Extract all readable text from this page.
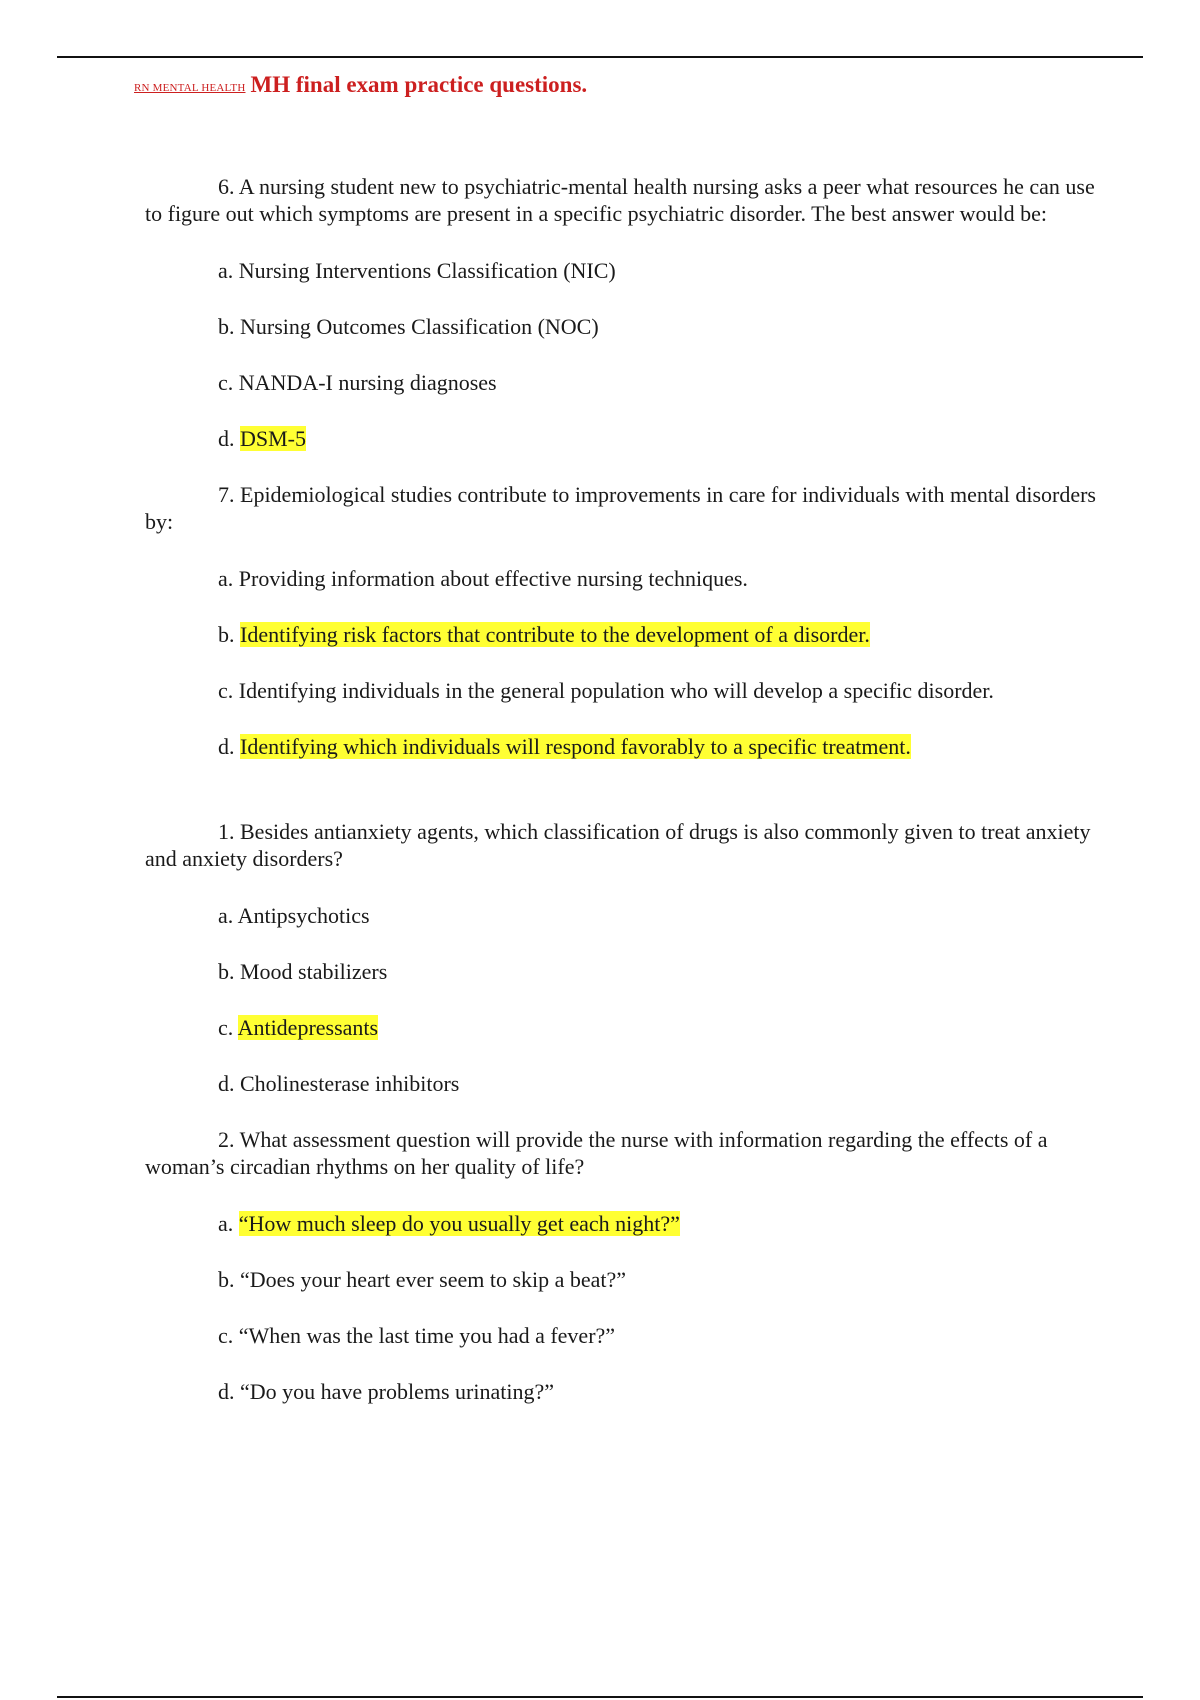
RN MENTAL HEALTH MH final exam practice questions.

6. A nursing student new to psychiatric-mental health nursing asks a peer what resources he can use to figure out which symptoms are present in a specific psychiatric disorder. The best answer would be:

a. Nursing Interventions Classification (NIC)

b. Nursing Outcomes Classification (NOC)

c. NANDA-I nursing diagnoses

d. DSM-5

7. Epidemiological studies contribute to improvements in care for individuals with mental disorders by:

a. Providing information about effective nursing techniques.

b. Identifying risk factors that contribute to the development of a disorder.

c. Identifying individuals in the general population who will develop a specific disorder.

d. Identifying which individuals will respond favorably to a specific treatment.

1. Besides antianxiety agents, which classification of drugs is also commonly given to treat anxiety and anxiety disorders?

a. Antipsychotics

b. Mood stabilizers

c. Antidepressants

d. Cholinesterase inhibitors

2. What assessment question will provide the nurse with information regarding the effects of a woman’s circadian rhythms on her quality of life?

a. “How much sleep do you usually get each night?”

b. “Does your heart ever seem to skip a beat?”

c. “When was the last time you had a fever?”

d. “Do you have problems urinating?”
